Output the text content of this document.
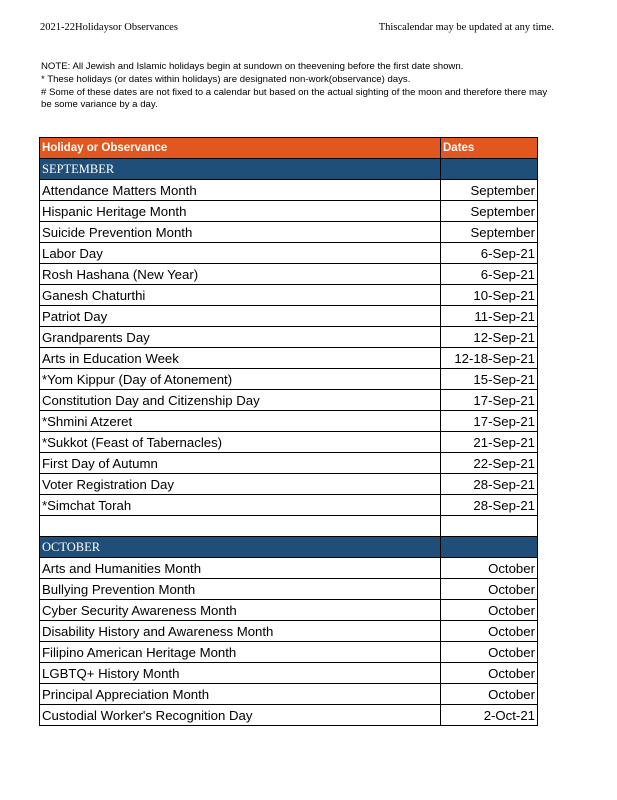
2021-22Holidaysor Observances	Thiscalendar may be updated at any time.

NOTE: All Jewish and Islamic holidays begin at sundown on theevening before the first date shown.

* These holidays (or dates within holidays) are designated non-work(observance) days.

# Some of these dates are not fixed to a calendar but based on the actual sighting of the moon and therefore there may be some variance by a day.

Holiday or Observance	Dates
SEPTEMBER	
Attendance Matters Month	September
Hispanic Heritage Month	September
Suicide Prevention Month	September
Labor Day	6-Sep-21
Rosh Hashana (New Year)	6-Sep-21
Ganesh Chaturthi	10-Sep-21
Patriot Day	11-Sep-21
Grandparents Day	12-Sep-21
Arts in Education Week	12-18-Sep-21
*Yom Kippur (Day of Atonement)	15-Sep-21
Constitution Day and Citizenship Day	17-Sep-21
*Shmini Atzeret	17-Sep-21
*Sukkot (Feast of Tabernacles)	21-Sep-21
First Day of Autumn	22-Sep-21
Voter Registration Day	28-Sep-21
*Simchat Torah	28-Sep-21

OCTOBER	
Arts and Humanities Month	October
Bullying Prevention Month	October
Cyber Security Awareness Month	October
Disability History and Awareness Month	October
Filipino American Heritage Month	October
LGBTQ+ History Month	October
Principal Appreciation Month	October
Custodial Worker's Recognition Day	2-Oct-21
